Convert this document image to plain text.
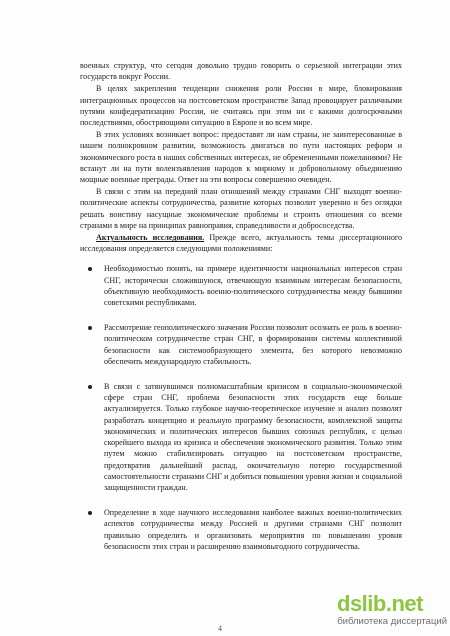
военных структур, что сегодня довольно трудно говорить о серьезной интеграции этих государств вокруг России.

В целях закрепления тенденции снижения роли России в мире, блокирования интеграционных процессов на постсоветском пространстве Запад провоцирует различными путями конфедератизацию России, не считаясь при этом ни с какими долгосрочными последствиями, обостряющими ситуацию в Европе и во всем мире.

В этих условиях возникает вопрос: предоставят ли нам страны, не заинтересованные в нашем полнокровном развитии, возможность двигаться по пути настоящих реформ и экономического роста в наших собственных интересах, не обремененными пожеланиями? Не встанут ли на пути волеизъявления народов к мирному и добровольному объединению мощные военные преграды. Ответ на эти вопросы совершенно очевиден.

В связи с этим на передний план отношений между странами СНГ выходят военно-политические аспекты сотрудничества, развитие которых позволит уверенно и без оглядки решать воистину насущные экономические проблемы и строить отношения со всеми странами в мире на принципах равноправия, справедливости и добрососедства.

Актуальность исследования. Прежде всего, актуальность темы диссертационного исследования определяется следующими положениями:

Необходимостью понять, на примере идентичности национальных интересов стран СНГ, исторически сложившуюся, отвечающую взаимным интересам безопасности, объективную необходимость военно-политического сотрудничества между бывшими советскими республиками.
Рассмотрение геополитического значения России позволит осознать ее роль в военно-политическом сотрудничестве стран СНГ, в формировании системы коллективной безопасности как системообразующего элемента, без которого невозможно обеспечить международную стабильность.
В связи с затянувшимся полномасштабным кризисом в социально-экономической сфере стран СНГ, проблема безопасности этих государств еще больше актуализируется. Только глубокое научно-теоретическое изучение и анализ позволят разработать концепцию и реальную программу безопасности, комплексной защиты экономических и политических интересов бывших союзных республик, с целью скорейшего выхода из кризиса и обеспечения экономического развития. Только этим путем можно стабилизировать ситуацию на постсоветском пространстве, предотвратив дальнейший распад, окончательную потерю государственной самостоятельности странами СНГ и добиться повышения уровня жизни и социальной защищенности граждан.
Определение в ходе научного исследования наиболее важных военно-политических аспектов сотрудничества между Россией и другими странами СНГ позволит правильно определить и организовать мероприятия по повышению уровня безопасности этих стран и расширению взаимовыгодного сотрудничества.
4
dslib.net
библиотека диссертаций
